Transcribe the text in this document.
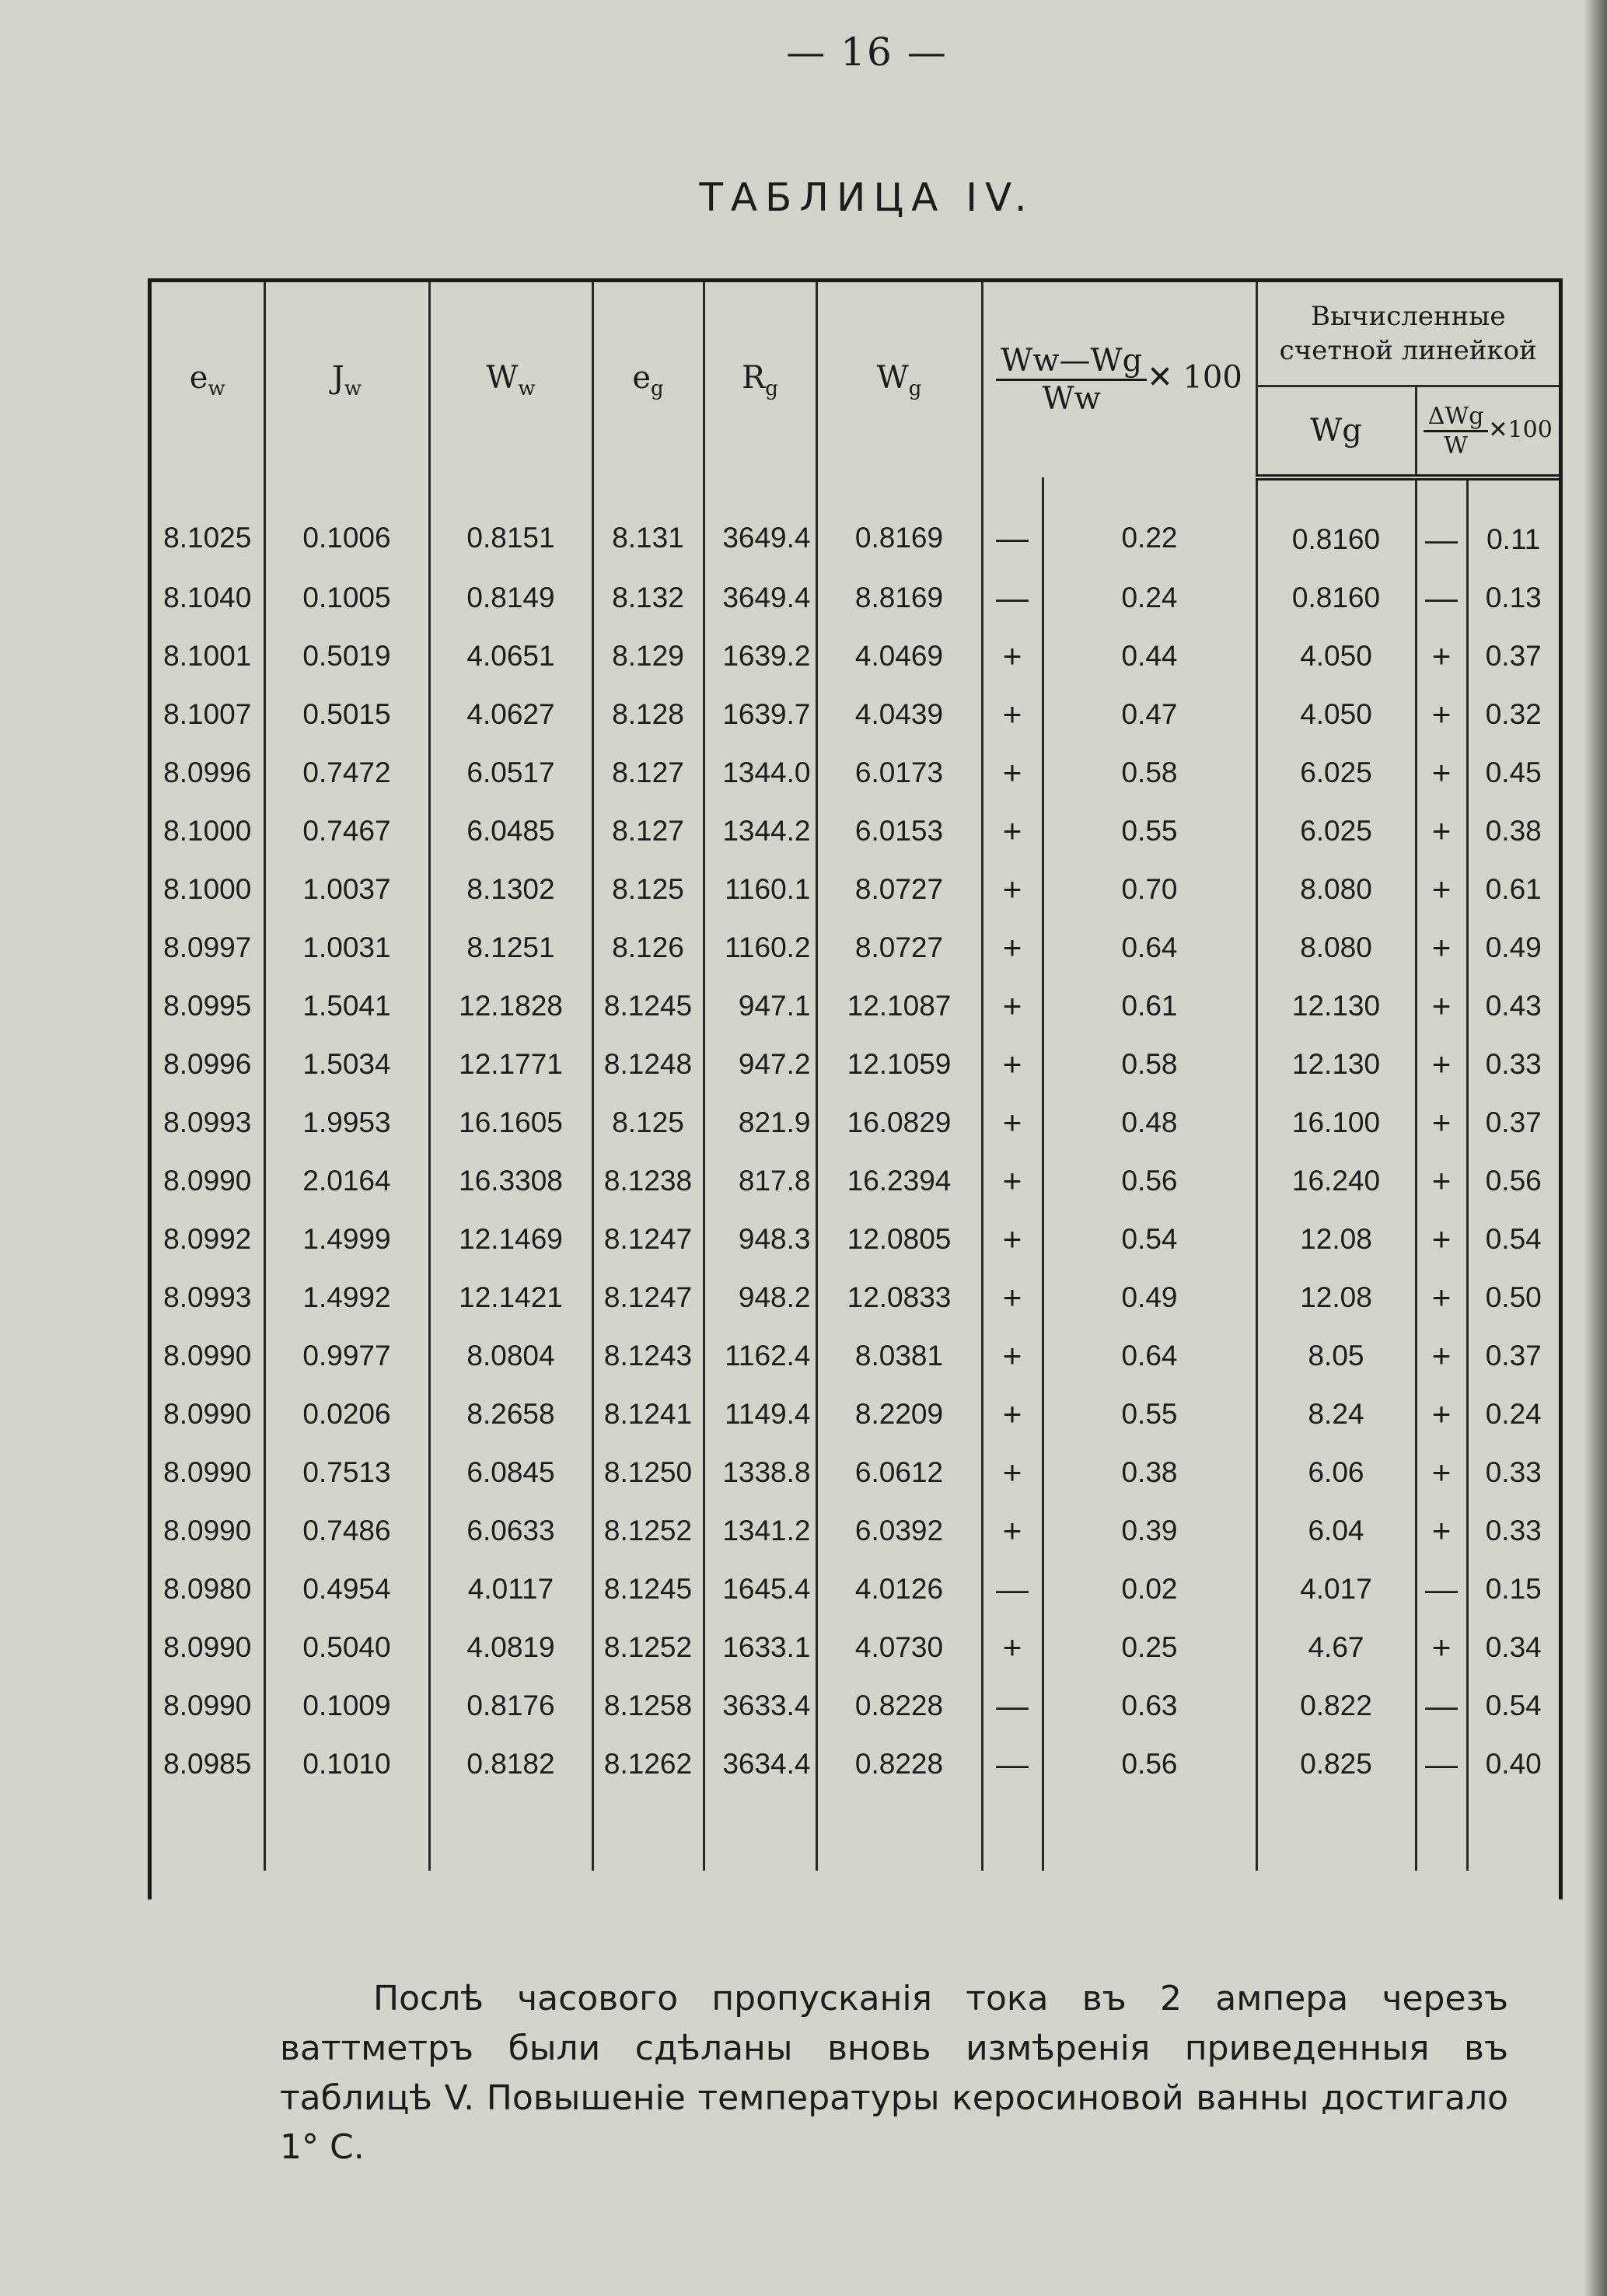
— 16 —
ТАБЛИЦА IV.
$e_w$	$J_w$	$W_w$	$e_g$	$R_g$	$W_g$	$\frac{Ww—Wg}{Ww}$ ✕ 100		Вычисленные счетной линейкой		
								Wg	$\frac{\text{ΔWg}}{W}$ ✕100	
8.1025	0.1006	0.8151	8.131	3649.4	0.8169	—	0.22	0.8160	—	0.11
8.1040	0.1005	0.8149	8.132	3649.4	8.8169	—	0.24	0.8160	—	0.13
8.1001	0.5019	4.0651	8.129	1639.2	4.0469	+	0.44	4.050	+	0.37
8.1007	0.5015	4.0627	8.128	1639.7	4.0439	+	0.47	4.050	+	0.32
8.0996	0.7472	6.0517	8.127	1344.0	6.0173	+	0.58	6.025	+	0.45
8.1000	0.7467	6.0485	8.127	1344.2	6.0153	+	0.55	6.025	+	0.38
8.1000	1.0037	8.1302	8.125	1160.1	8.0727	+	0.70	8.080	+	0.61
8.0997	1.0031	8.1251	8.126	1160.2	8.0727	+	0.64	8.080	+	0.49
8.0995	1.5041	12.1828	8.1245	947.1	12.1087	+	0.61	12.130	+	0.43
8.0996	1.5034	12.1771	8.1248	947.2	12.1059	+	0.58	12.130	+	0.33
8.0993	1.9953	16.1605	8.125	821.9	16.0829	+	0.48	16.100	+	0.37
8.0990	2.0164	16.3308	8.1238	817.8	16.2394	+	0.56	16.240	+	0.56
8.0992	1.4999	12.1469	8.1247	948.3	12.0805	+	0.54	12.08	+	0.54
8.0993	1.4992	12.1421	8.1247	948.2	12.0833	+	0.49	12.08	+	0.50
8.0990	0.9977	8.0804	8.1243	1162.4	8.0381	+	0.64	8.05	+	0.37
8.0990	0.0206	8.2658	8.1241	1149.4	8.2209	+	0.55	8.24	+	0.24
8.0990	0.7513	6.0845	8.1250	1338.8	6.0612	+	0.38	6.06	+	0.33
8.0990	0.7486	6.0633	8.1252	1341.2	6.0392	+	0.39	6.04	+	0.33
8.0980	0.4954	4.0117	8.1245	1645.4	4.0126	—	0.02	4.017	—	0.15
8.0990	0.5040	4.0819	8.1252	1633.1	4.0730	+	0.25	4.67	+	0.34
8.0990	0.1009	0.8176	8.1258	3633.4	0.8228	—	0.63	0.822	—	0.54
8.0985	0.1010	0.8182	8.1262	3634.4	0.8228	—	0.56	0.825	—	0.40

Послѣ часового пропусканія тока въ 2 ампера черезъ ваттметръ были сдѣланы вновь измѣренія приведенныя въ таблицѣ V. Повышеніе температуры керосиновой ванны достигало 1° С.
